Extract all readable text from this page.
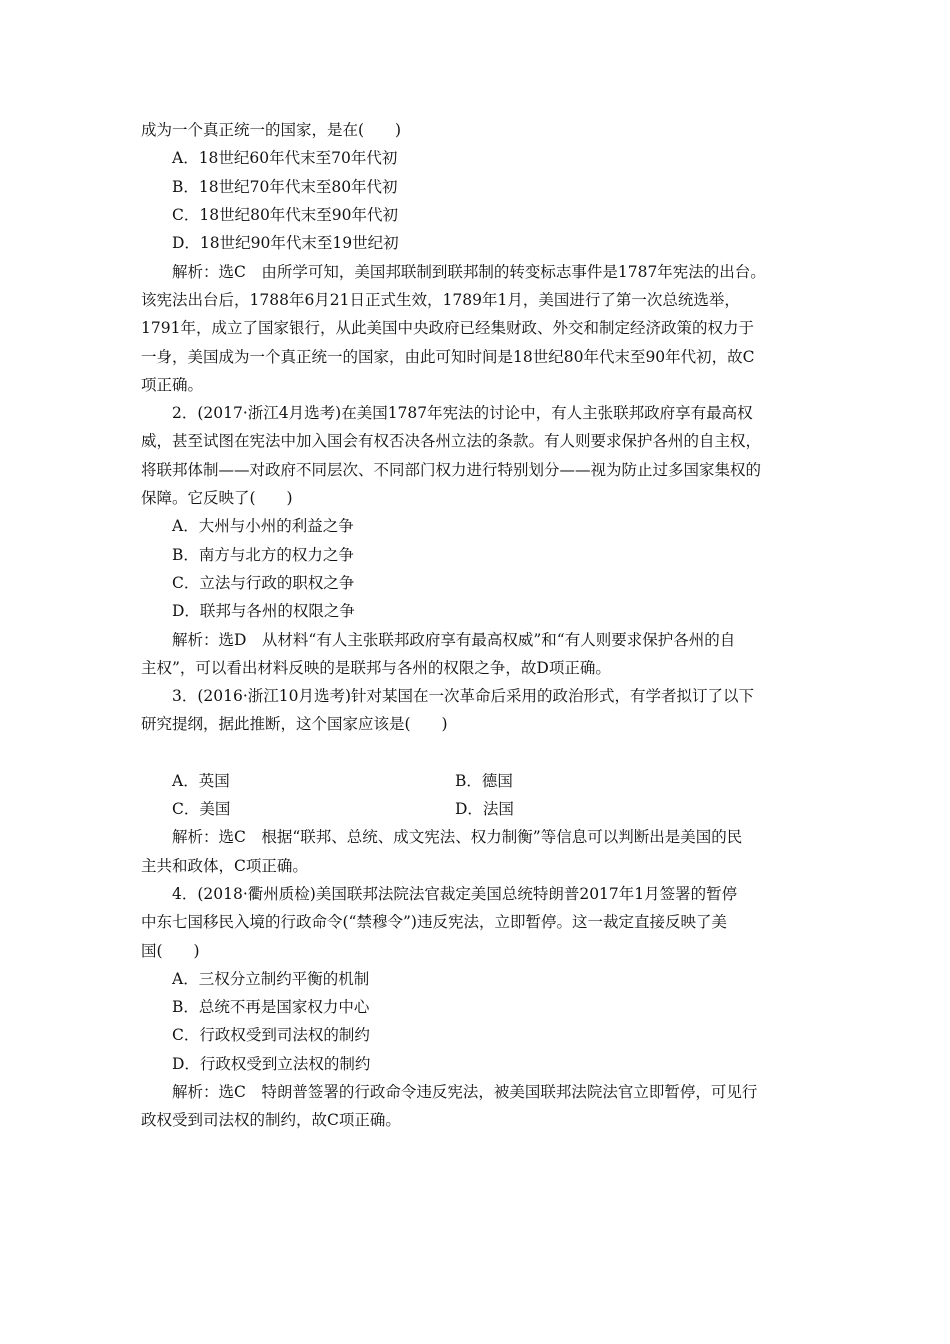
成为一个真正统一的国家，是在(　　)
A．18世纪60年代末至70年代初
B．18世纪70年代末至80年代初
C．18世纪80年代末至90年代初
D．18世纪90年代末至19世纪初
解析：选C　由所学可知，美国邦联制到联邦制的转变标志事件是1787年宪法的出台。
该宪法出台后，1788年6月21日正式生效，1789年1月，美国进行了第一次总统选举，
1791年，成立了国家银行，从此美国中央政府已经集财政、外交和制定经济政策的权力于
一身，美国成为一个真正统一的国家，由此可知时间是18世纪80年代末至90年代初，故C
项正确。
2．(2017·浙江4月选考)在美国1787年宪法的讨论中，有人主张联邦政府享有最高权
威，甚至试图在宪法中加入国会有权否决各州立法的条款。有人则要求保护各州的自主权，
将联邦体制——对政府不同层次、不同部门权力进行特别划分——视为防止过多国家集权的
保障。它反映了(　　)
A．大州与小州的利益之争
B．南方与北方的权力之争
C．立法与行政的职权之争
D．联邦与各州的权限之争
解析：选D　从材料“有人主张联邦政府享有最高权威”和“有人则要求保护各州的自
主权”，可以看出材料反映的是联邦与各州的权限之争，故D项正确。
3．(2016·浙江10月选考)针对某国在一次革命后采用的政治形式，有学者拟订了以下
研究提纲，据此推断，这个国家应该是(　　)
A．英国	B．德国
C．美国	D．法国
解析：选C　根据“联邦、总统、成文宪法、权力制衡”等信息可以判断出是美国的民
主共和政体，C项正确。
4．(2018·衢州质检)美国联邦法院法官裁定美国总统特朗普2017年1月签署的暂停
中东七国移民入境的行政命令(“禁穆令”)违反宪法，立即暂停。这一裁定直接反映了美
国(　　)
A．三权分立制约平衡的机制
B．总统不再是国家权力中心
C．行政权受到司法权的制约
D．行政权受到立法权的制约
解析：选C　特朗普签署的行政命令违反宪法，被美国联邦法院法官立即暂停，可见行
政权受到司法权的制约，故C项正确。
